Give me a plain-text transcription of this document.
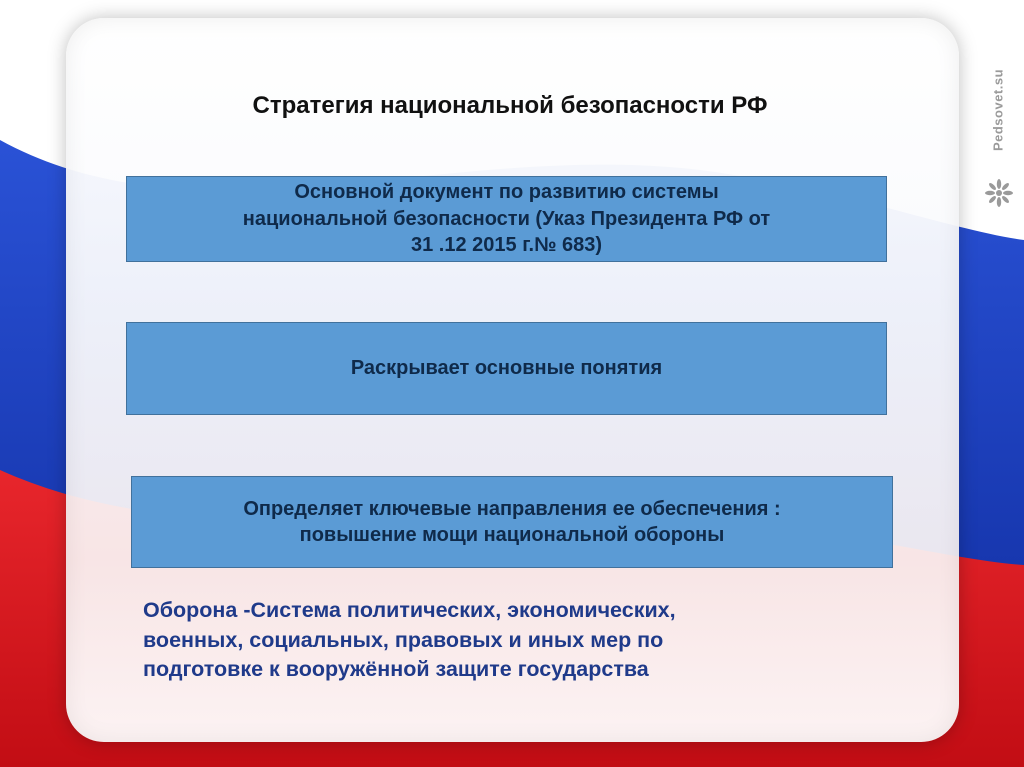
Стратегия национальной безопасности РФ
Основной документ по развитию системы
национальной безопасности (Указ Президента РФ от
31 .12 2015 г.№ 683)
Раскрывает основные понятия
Определяет ключевые направления ее обеспечения :
повышение мощи национальной обороны
Оборона -Система политических, экономических,
военных, социальных, правовых и иных мер по
подготовке к вооружённой защите государства
Pedsovet.su
